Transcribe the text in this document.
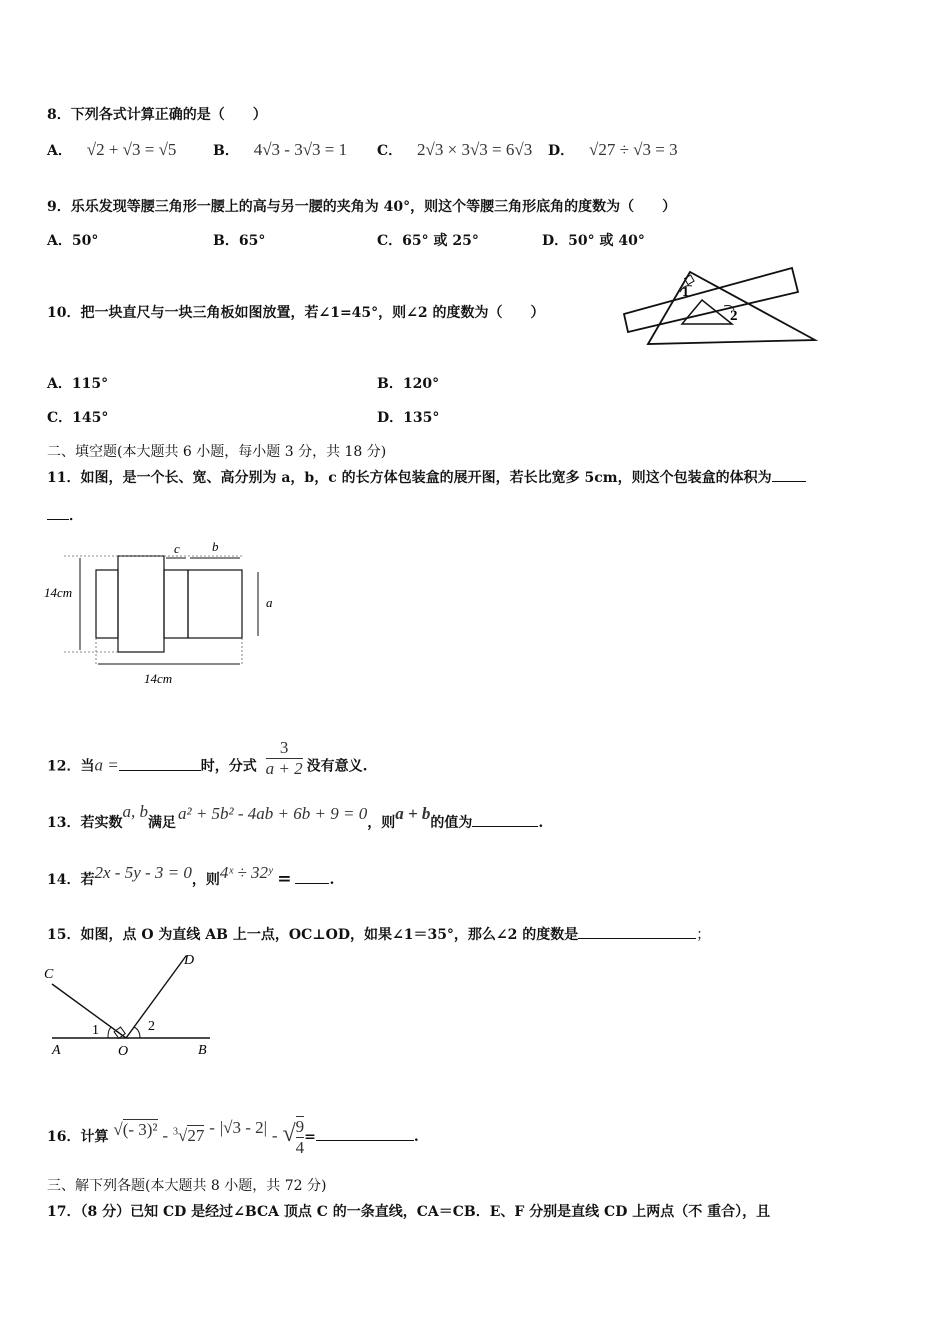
8．下列各式计算正确的是（　　）
A． √2 + √3 = √5	B． 4√3 - 3√3 = 1 C． 2√3 × 3√3 = 6√3 D． √27 ÷ √3 = 3
9．乐乐发现等腰三角形一腰上的高与另一腰的夹角为 40°，则这个等腰三角形底角的度数为（　　）
A．50°	B．65°	C．65° 或 25°	D．50° 或 40°
10．把一块直尺与一块三角板如图放置，若∠1=45°，则∠2 的度数为（　　）
1
2
A．115°	B．120°
C．145°	D．135°
二、填空题(本大题共 6 小题，每小题 3 分，共 18 分)
11．如图，是一个长、宽、高分别为 a，b，c 的长方体包装盒的展开图，若长比宽多 5cm，则这个包装盒的体积为
．
c b
14cm
a
14cm
12．当a =	时，分式 $\frac{3}{a + 2}$ 没有意义.
13．若实数a, b满足 a² + 5b² - 4ab + 6b + 9 = 0，则a + b的值为	.
14．若2x - 5y - 3 = 0，则4ˣ ÷ 32ʸ =	.
15．如图，点 O 为直线 AB 上一点，OC⊥OD，如果∠1＝35°，那么∠2 的度数是	；
C
D
A	O	B
1	2
16．计算 √(- 3)² - $^3$√27 - |√3 - 2| - √ $\frac{9}{4}$ =	.
三、解下列各题(本大题共 8 小题，共 72 分)
17．（8 分）已知 CD 是经过∠BCA 顶点 C 的一条直线，CA＝CB．E、F 分别是直线 CD 上两点（不 重合），且
